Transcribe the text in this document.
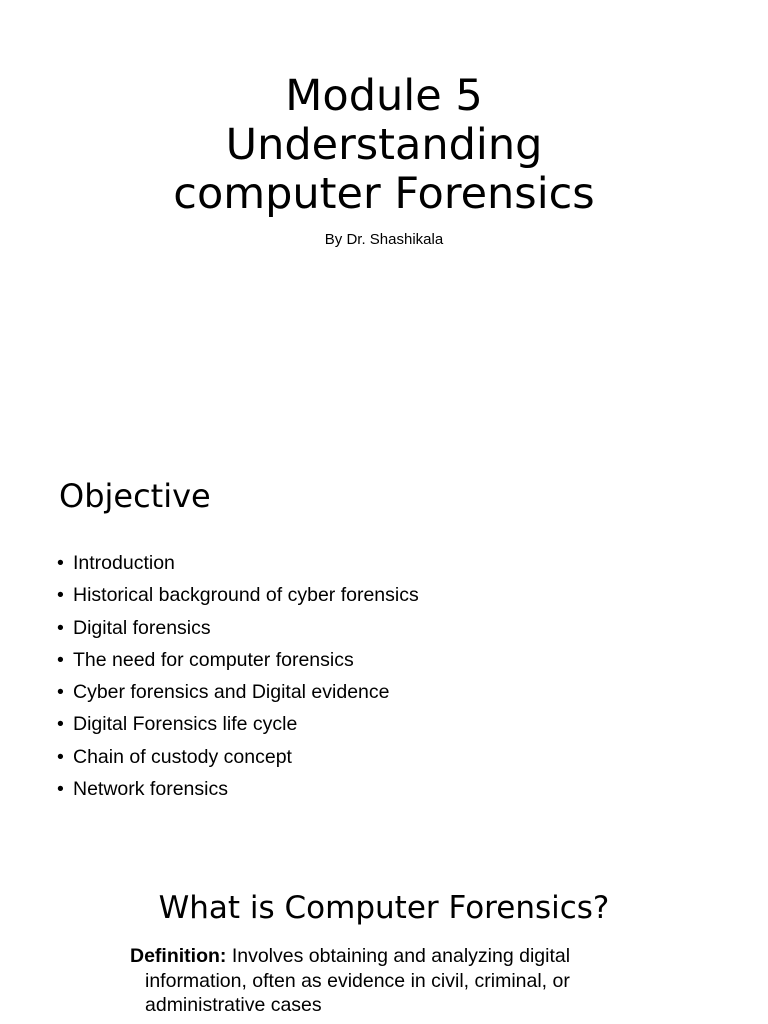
Module 5
Understanding
computer Forensics
By Dr. Shashikala
Objective
• Introduction
• Historical background of cyber forensics
• Digital forensics
• The need for computer forensics
• Cyber forensics and Digital evidence
• Digital Forensics life cycle
• Chain of custody concept
• Network forensics
What is Computer Forensics?

Definition: Involves obtaining and analyzing digital information, often as evidence in civil, criminal, or administrative cases
